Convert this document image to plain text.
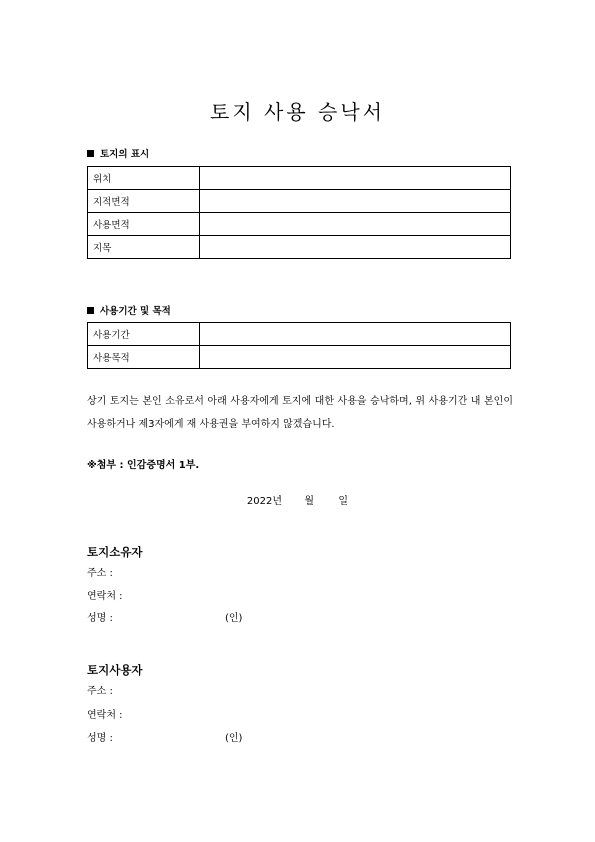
토지 사용 승낙서
토지의 표시
위치	
지적면적	
사용면적	
지목	
사용기간 및 목적
사용기간	
사용목적	

상기 토지는 본인 소유로서 아래 사용자에게 토지에 대한 사용을 승낙하며, 위 사용기간 내 본인이 사용하거나 제3자에게 재 사용권을 부여하지 않겠습니다.

※첨부 : 인감증명서 1부.

2022년 월 일

토지소유자

주소 :
연락처 :
성명 :	(인)

토지사용자

주소 :
연락처 :
성명 :	(인)
